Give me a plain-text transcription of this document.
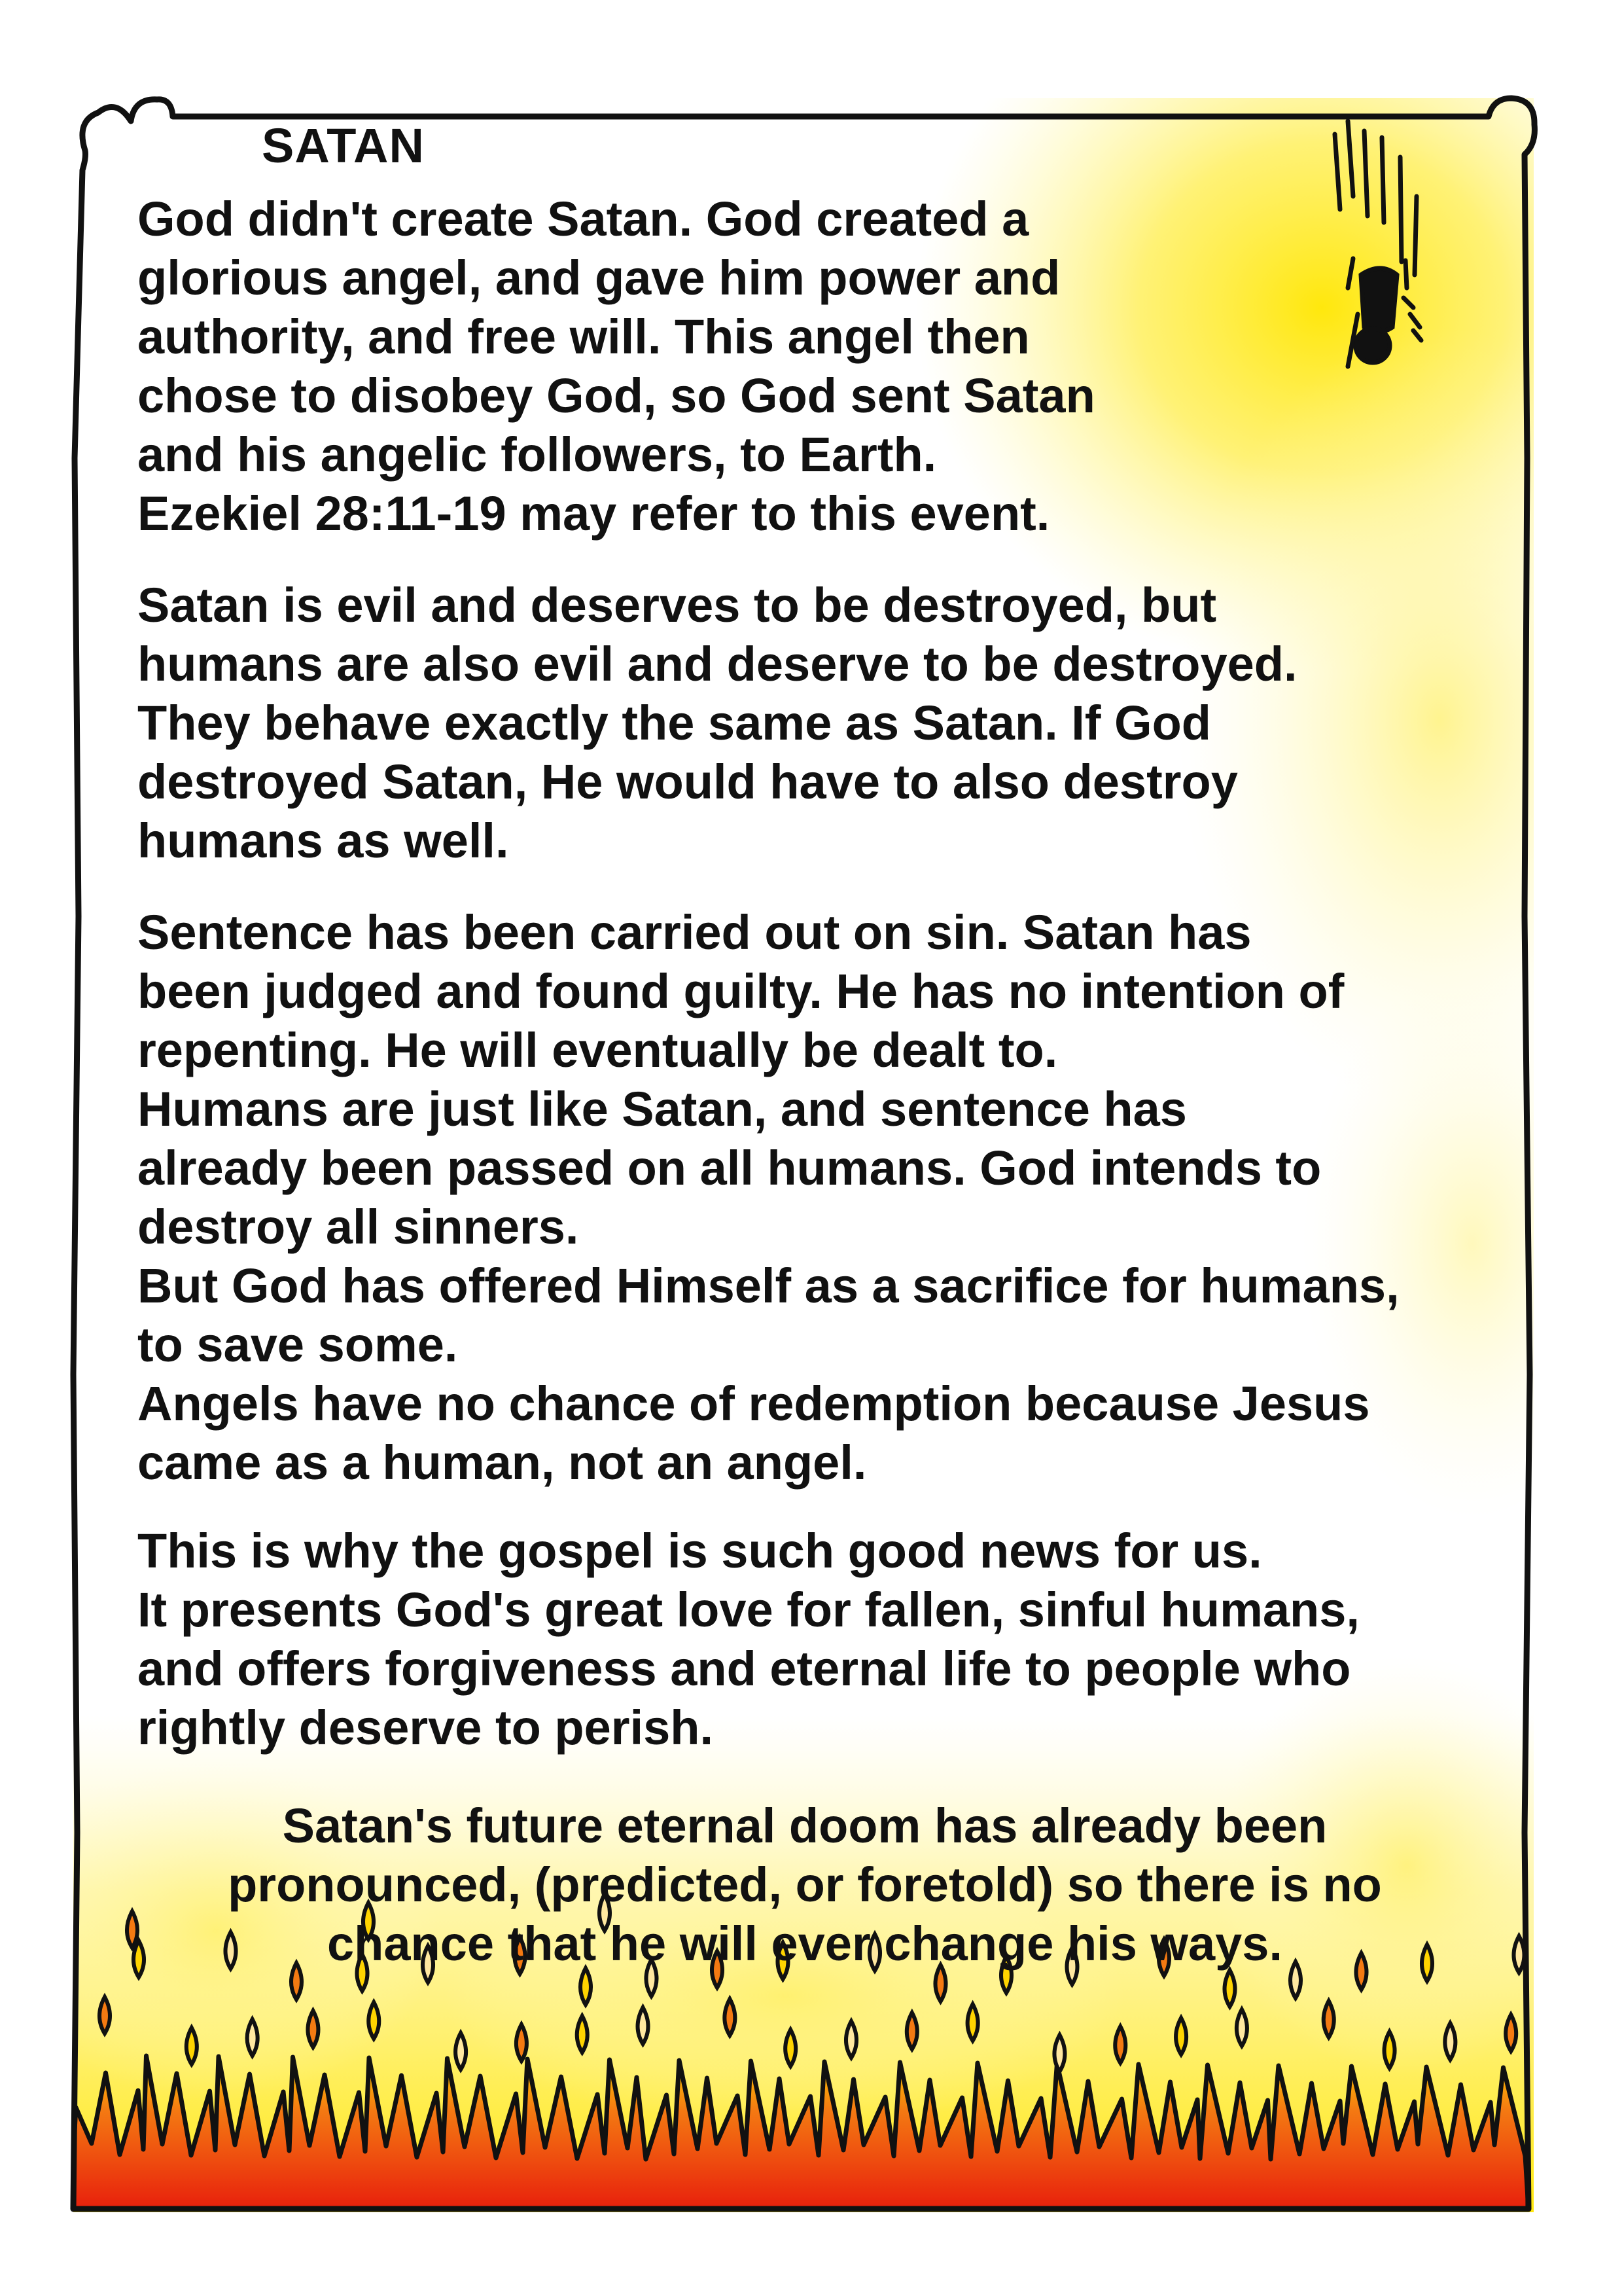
SATAN

God didn't create Satan. God created a
glorious angel, and gave him power and
authority, and free will. This angel then
chose to disobey God, so God sent Satan
and his angelic followers, to Earth.
Ezekiel 28:11-19 may refer to this event.

Satan is evil and deserves to be destroyed, but
humans are also evil and deserve to be destroyed.
They behave exactly the same as Satan. If God
destroyed Satan, He would have to also destroy
humans as well.

Sentence has been carried out on sin. Satan has
been judged and found guilty. He has no intention of
repenting. He will eventually be dealt to.
Humans are just like Satan, and sentence has
already been passed on all humans. God intends to
destroy all sinners.
But God has offered Himself as a sacrifice for humans,
to save some.
Angels have no chance of redemption because Jesus
came as a human, not an angel.

This is why the gospel is such good news for us.
It presents God's great love for fallen, sinful humans,
and offers forgiveness and eternal life to people who
rightly deserve to perish.

Satan's future eternal doom has already been
pronounced, (predicted, or foretold) so there is no
chance that he will ever change his ways.
